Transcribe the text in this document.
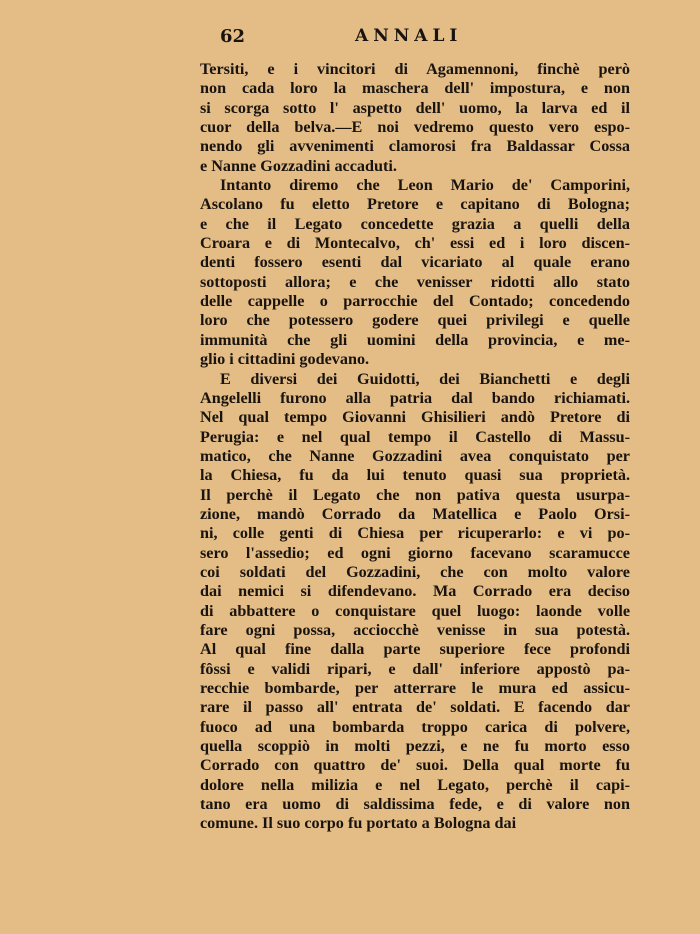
62	ANNALI
Tersiti, e i vincitori di Agamennoni, finchè però
non cada loro la maschera dell' impostura, e non
si scorga sotto l' aspetto dell' uomo, la larva ed il
cuor della belva.—E noi vedremo questo vero espo-
nendo gli avvenimenti clamorosi fra Baldassar Cossa
e Nanne Gozzadini accaduti.
Intanto diremo che Leon Mario de' Camporini,
Ascolano fu eletto Pretore e capitano di Bologna;
e che il Legato concedette grazia a quelli della
Croara e di Montecalvo, ch' essi ed i loro discen-
denti fossero esenti dal vicariato al quale erano
sottoposti allora; e che venisser ridotti allo stato
delle cappelle o parrocchie del Contado; concedendo
loro che potessero godere quei privilegi e quelle
immunità che gli uomini della provincia, e me-
glio i cittadini godevano.
E diversi dei Guidotti, dei Bianchetti e degli
Angelelli furono alla patria dal bando richiamati.
Nel qual tempo Giovanni Ghisilieri andò Pretore di
Perugia: e nel qual tempo il Castello di Massu-
matico, che Nanne Gozzadini avea conquistato per
la Chiesa, fu da lui tenuto quasi sua proprietà.
Il perchè il Legato che non pativa questa usurpa-
zione, mandò Corrado da Matellica e Paolo Orsi-
ni, colle genti di Chiesa per ricuperarlo: e vi po-
sero l'assedio; ed ogni giorno facevano scaramucce
coi soldati del Gozzadini, che con molto valore
dai nemici si difendevano. Ma Corrado era deciso
di abbattere o conquistare quel luogo: laonde volle
fare ogni possa, acciocchè venisse in sua potestà.
Al qual fine dalla parte superiore fece profondi
fôssi e validi ripari, e dall' inferiore appostò pa-
recchie bombarde, per atterrare le mura ed assicu-
rare il passo all' entrata de' soldati. E facendo dar
fuoco ad una bombarda troppo carica di polvere,
quella scoppiò in molti pezzi, e ne fu morto esso
Corrado con quattro de' suoi. Della qual morte fu
dolore nella milizia e nel Legato, perchè il capi-
tano era uomo di saldissima fede, e di valore non
comune. Il suo corpo fu portato a Bologna dai
